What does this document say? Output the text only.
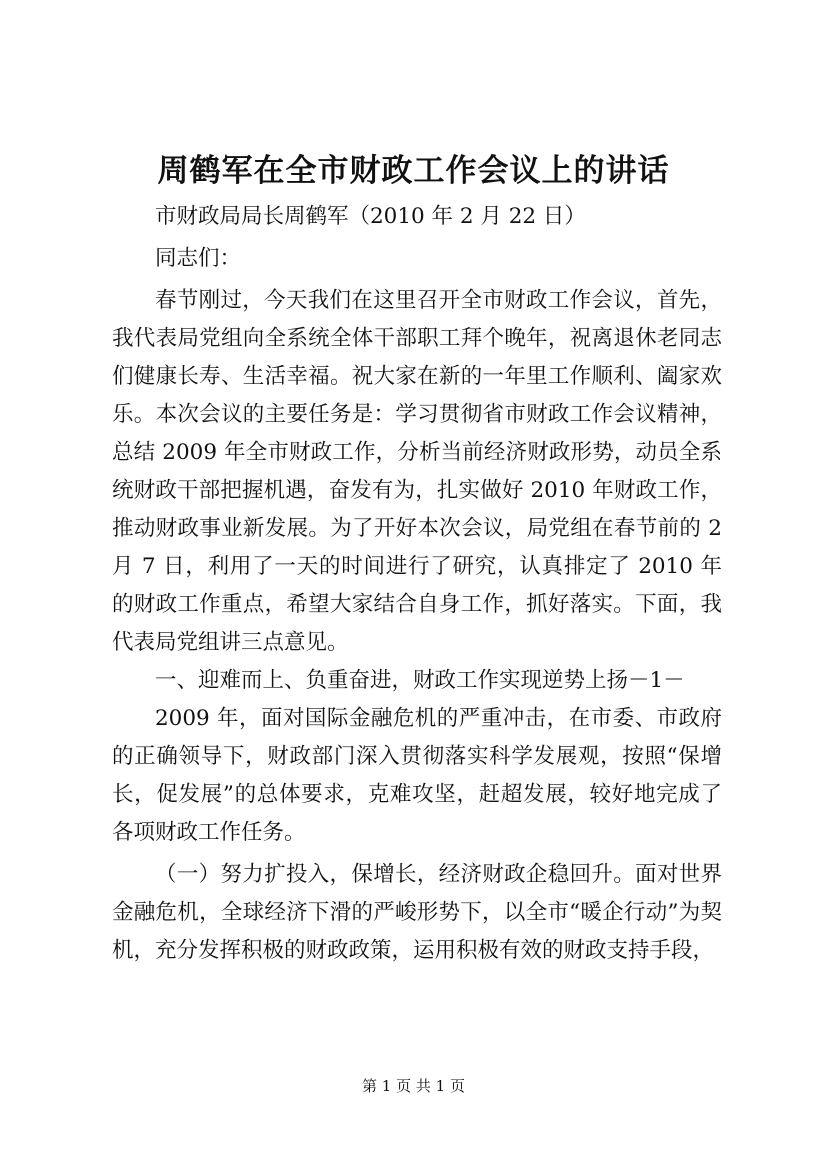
周鹤军在全市财政工作会议上的讲话
市财政局局长周鹤军（2010 年 2 月 22 日）
同志们：

春节刚过，今天我们在这里召开全市财政工作会议，首先，我代表局党组向全系统全体干部职工拜个晚年，祝离退休老同志们健康长寿、生活幸福。祝大家在新的一年里工作顺利、阖家欢乐。本次会议的主要任务是：学习贯彻省市财政工作会议精神，总结 2009 年全市财政工作，分析当前经济财政形势，动员全系统财政干部把握机遇，奋发有为，扎实做好 2010 年财政工作，推动财政事业新发展。为了开好本次会议，局党组在春节前的 2 月 7 日，利用了一天的时间进行了研究，认真排定了 2010 年的财政工作重点，希望大家结合自身工作，抓好落实。下面，我代表局党组讲三点意见。

一、迎难而上、负重奋进，财政工作实现逆势上扬－1－

2009 年，面对国际金融危机的严重冲击，在市委、市政府的正确领导下，财政部门深入贯彻落实科学发展观，按照“保增长，促发展”的总体要求，克难攻坚，赶超发展，较好地完成了各项财政工作任务。

（一）努力扩投入，保增长，经济财政企稳回升。面对世界金融危机，全球经济下滑的严峻形势下，以全市“暖企行动”为契机，充分发挥积极的财政政策，运用积极有效的财政支持手段，

第 1 页 共 1 页
